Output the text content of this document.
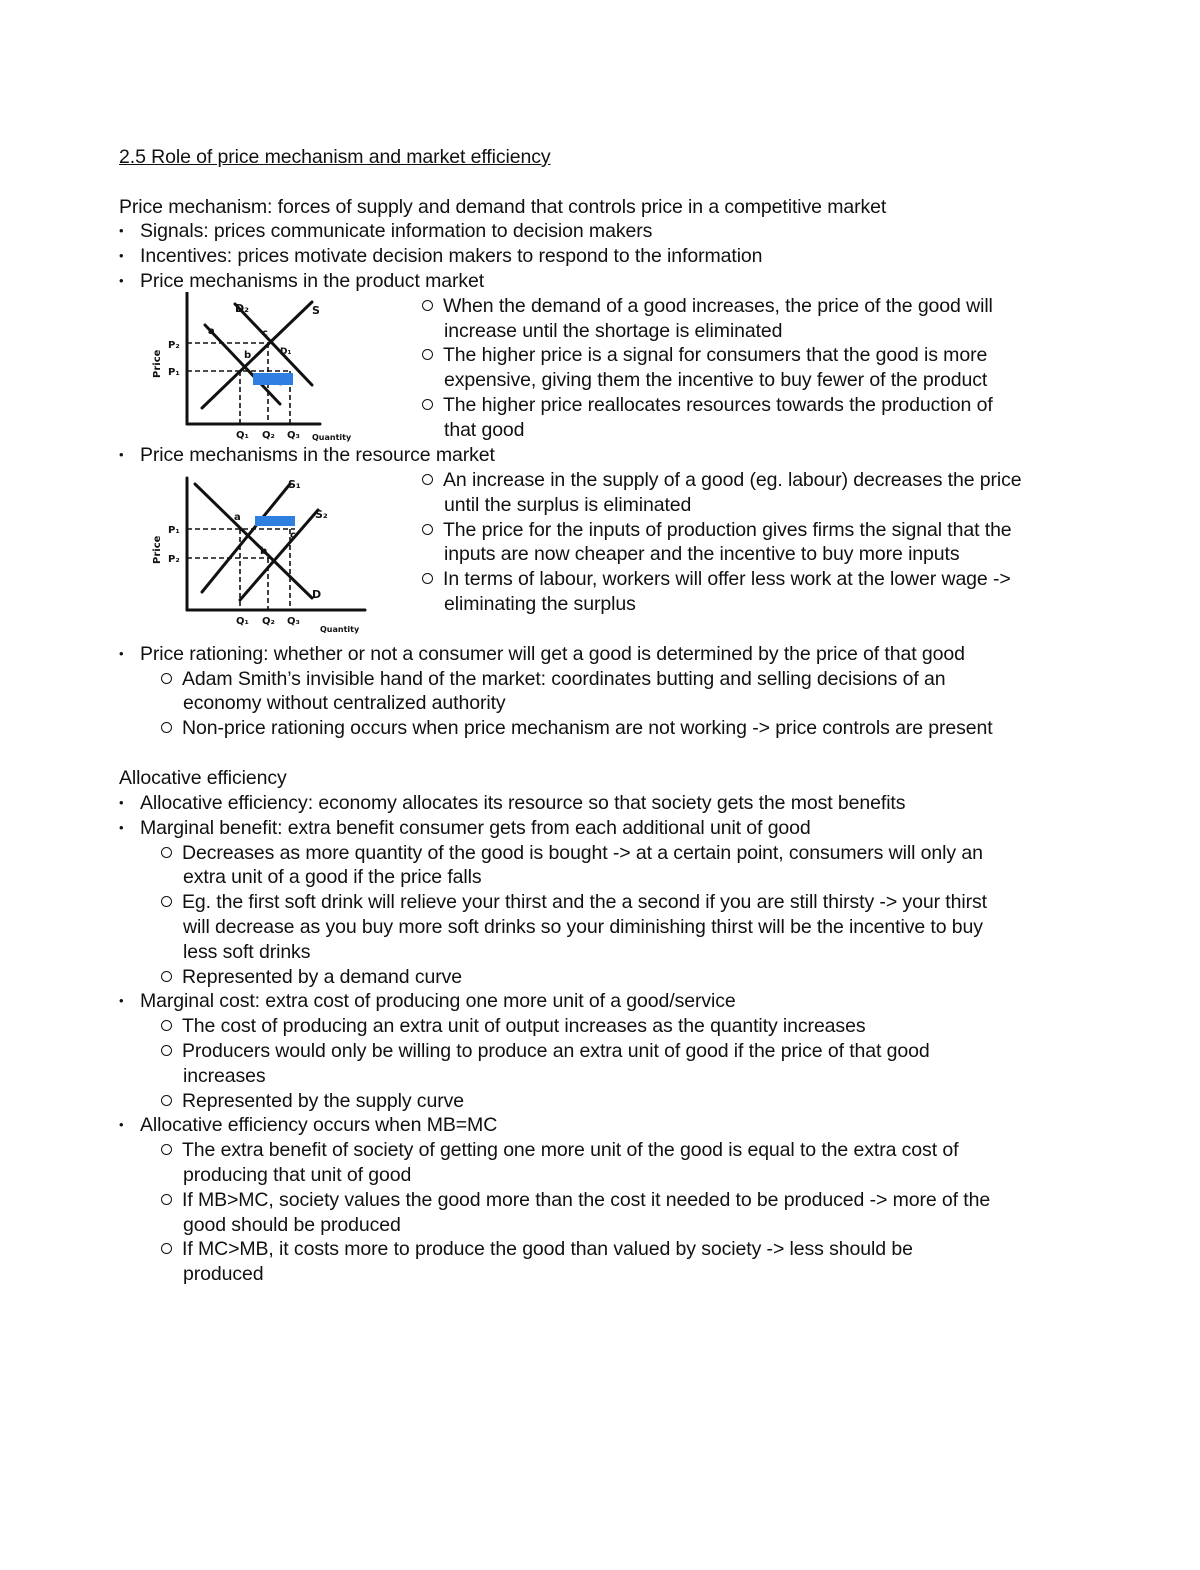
2.5 Role of price mechanism and market efficiency
Price mechanism: forces of supply and demand that controls price in a competitive market
• Signals: prices communicate information to decision makers
• Incentives: prices motivate decision makers to respond to the information
• Price mechanisms in the product market
When the demand of a good increases, the price of the good will
increase until the shortage is eliminated
The higher price is a signal for consumers that the good is more
expensive, giving them the incentive to buy fewer of the product
The higher price reallocates resources towards the production of
that good
• Price mechanisms in the resource market
An increase in the supply of a good (eg. labour) decreases the price
until the surplus is eliminated
The price for the inputs of production gives firms the signal that the
inputs are now cheaper and the incentive to buy more inputs
In terms of labour, workers will offer less work at the lower wage ->
eliminating the surplus
• Price rationing: whether or not a consumer will get a good is determined by the price of that good
Adam Smith’s invisible hand of the market: coordinates butting and selling decisions of an
economy without centralized authority
Non-price rationing occurs when price mechanism are not working -> price controls are present
Allocative efficiency
• Allocative efficiency: economy allocates its resource so that society gets the most benefits
• Marginal benefit: extra benefit consumer gets from each additional unit of good
Decreases as more quantity of the good is bought -> at a certain point, consumers will only an
extra unit of a good if the price falls
Eg. the first soft drink will relieve your thirst and the a second if you are still thirsty -> your thirst
will decrease as you buy more soft drinks so your diminishing thirst will be the incentive to buy
less soft drinks
Represented by a demand curve
• Marginal cost: extra cost of producing one more unit of a good/service
The cost of producing an extra unit of output increases as the quantity increases
Producers would only be willing to produce an extra unit of good if the price of that good
increases
Represented by the supply curve
• Allocative efficiency occurs when MB=MC
The extra benefit of society of getting one more unit of the good is equal to the extra cost of
producing that unit of good
If MB>MC, society values the good more than the cost it needed to be produced -> more of the
good should be produced
If MC>MB, it costs more to produce the good than valued by society -> less should be
produced
D₂	S
D₁
a	c
b
P₂
P₁
Q₁ Q₂ Q₃
shortage
Quantity
Price
S₁
S₂
D
a
c
b
P₁
P₂
Q₁ Q₂ Q₃
surplus
Quantity
Price
